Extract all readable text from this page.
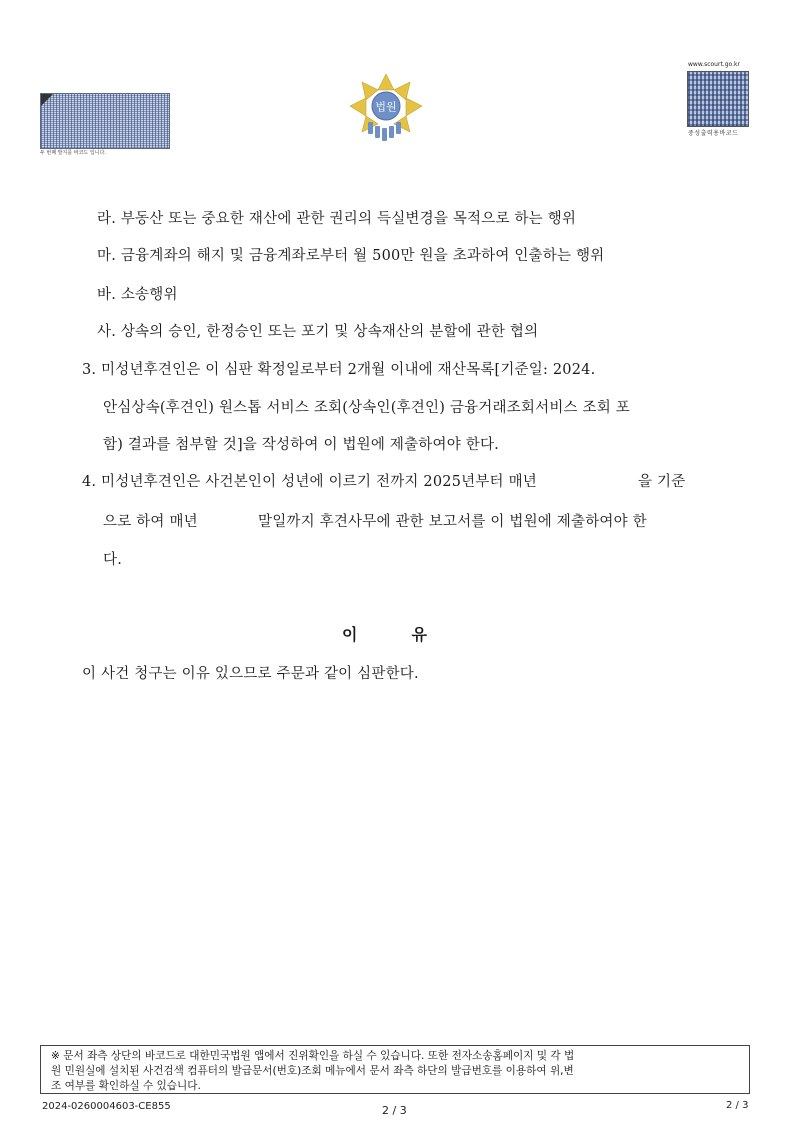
두 번째 발지를 바코드 입니다.
법원
www.scourt.go.kr
중성출력용바코드
라. 부동산 또는 중요한 재산에 관한 권리의 득실변경을 목적으로 하는 행위
마. 금융계좌의 해지 및 금융계좌로부터 월 500만 원을 초과하여 인출하는 행위
바. 소송행위
사. 상속의 승인, 한정승인 또는 포기 및 상속재산의 분할에 관한 협의
3. 미성년후견인은 이 심판 확정일로부터 2개월 이내에 재산목록[기준일: 2024.
안심상속(후견인) 원스톱 서비스 조회(상속인(후견인) 금융거래조회서비스 조회 포
함) 결과를 첨부할 것]을 작성하여 이 법원에 제출하여야 한다.
4. 미성년후견인은 사건본인이 성년에 이르기 전까지 2025년부터 매년	을 기준
으로 하여 매년	말일까지 후견사무에 관한 보고서를 이 법원에 제출하여야 한
다.
이	유
이 사건 청구는 이유 있으므로 주문과 같이 심판한다.
※ 문서 좌측 상단의 바코드로 대한민국법원 앱에서 진위확인을 하실 수 있습니다. 또한 전자소송홈페이지 및 각 법
원 민원실에 설치된 사건검색 컴퓨터의 발급문서(번호)조회 메뉴에서 문서 좌측 하단의 발급번호를 이용하여 위,변
조 여부를 확인하실 수 있습니다.
2024-0260004603-CE855	2 / 3	2 / 3
